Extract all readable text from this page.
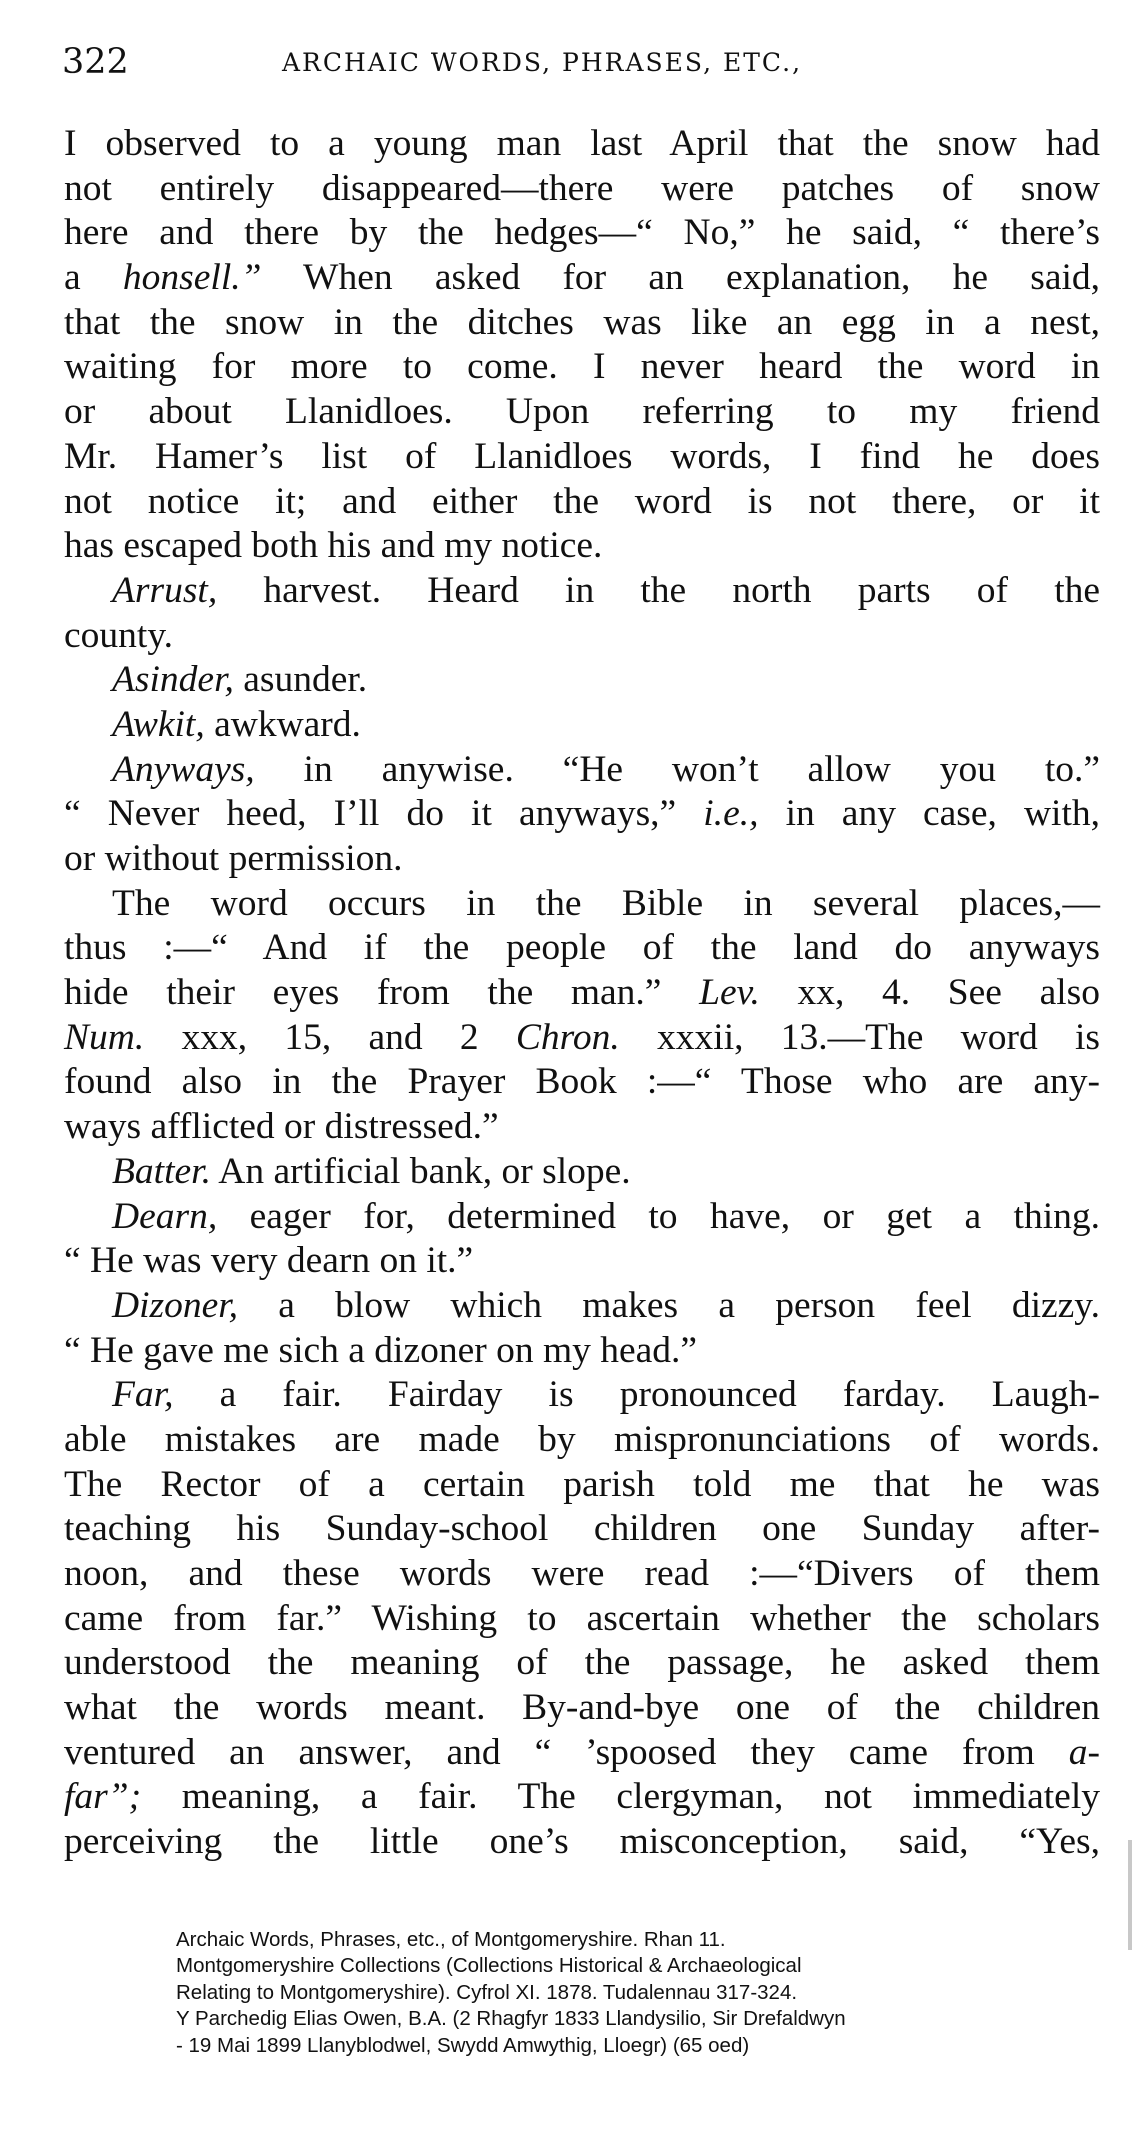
322	ARCHAIC WORDS, PHRASES, ETC.,
I observed to a young man last April that the snow had
not entirely disappeared—there were patches of snow
here and there by the hedges—“ No,” he said, “ there’s
a honsell.” When asked for an explanation, he said,
that the snow in the ditches was like an egg in a nest,
waiting for more to come. I never heard the word in
or about Llanidloes. Upon referring to my friend
Mr. Hamer’s list of Llanidloes words, I find he does
not notice it; and either the word is not there, or it
has escaped both his and my notice.
Arrust, harvest. Heard in the north parts of the
county.
Asinder, asunder.
Awkit, awkward.
Anyways, in anywise. “He won’t allow you to.”
“ Never heed, I’ll do it anyways,” i.e., in any case, with,
or without permission.
The word occurs in the Bible in several places,—
thus :—“ And if the people of the land do anyways
hide their eyes from the man.” Lev. xx, 4. See also
Num. xxx, 15, and 2 Chron. xxxii, 13.—The word is
found also in the Prayer Book :—“ Those who are any-
ways afflicted or distressed.”
Batter. An artificial bank, or slope.
Dearn, eager for, determined to have, or get a thing.
“ He was very dearn on it.”
Dizoner, a blow which makes a person feel dizzy.
“ He gave me sich a dizoner on my head.”
Far, a fair. Fairday is pronounced farday. Laugh-
able mistakes are made by mispronunciations of words.
The Rector of a certain parish told me that he was
teaching his Sunday-school children one Sunday after-
noon, and these words were read :—“Divers of them
came from far.” Wishing to ascertain whether the scholars
understood the meaning of the passage, he asked them
what the words meant. By-and-bye one of the children
ventured an answer, and “ ’spoosed they came from a-
far”; meaning, a fair. The clergyman, not immediately
perceiving the little one’s misconception, said, “Yes,
Archaic Words, Phrases, etc., of Montgomeryshire. Rhan 11.
Montgomeryshire Collections (Collections Historical & Archaeological
Relating to Montgomeryshire). Cyfrol XI. 1878. Tudalennau 317-324.
Y Parchedig Elias Owen, B.A. (2 Rhagfyr 1833 Llandysilio, Sir Drefaldwyn
- 19 Mai 1899 Llanyblodwel, Swydd Amwythig, Lloegr) (65 oed)
